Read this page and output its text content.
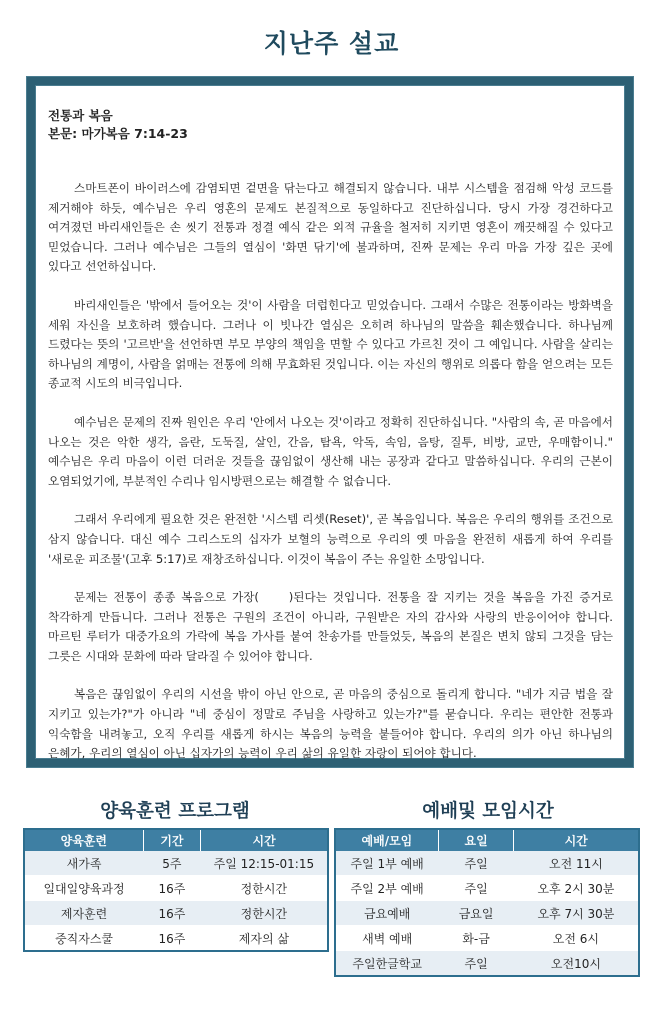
지난주 설교

전통과 복음

본문: 마가복음 7:14-23

스마트폰이 바이러스에 감염되면 겉면을 닦는다고 해결되지 않습니다. 내부 시스템을 점검해 악성 코드를 제거해야 하듯, 예수님은 우리 영혼의 문제도 본질적으로 동일하다고 진단하십니다. 당시 가장 경건하다고 여겨졌던 바리새인들은 손 씻기 전통과 정결 예식 같은 외적 규율을 철저히 지키면 영혼이 깨끗해질 수 있다고 믿었습니다. 그러나 예수님은 그들의 열심이 '화면 닦기'에 불과하며, 진짜 문제는 우리 마음 가장 깊은 곳에 있다고 선언하십니다.

바리새인들은 '밖에서 들어오는 것'이 사람을 더럽힌다고 믿었습니다. 그래서 수많은 전통이라는 방화벽을 세워 자신을 보호하려 했습니다. 그러나 이 빗나간 열심은 오히려 하나님의 말씀을 훼손했습니다. 하나님께 드렸다는 뜻의 '고르반'을 선언하면 부모 부양의 책임을 면할 수 있다고 가르친 것이 그 예입니다. 사람을 살리는 하나님의 계명이, 사람을 얽매는 전통에 의해 무효화된 것입니다. 이는 자신의 행위로 의롭다 함을 얻으려는 모든 종교적 시도의 비극입니다.

예수님은 문제의 진짜 원인은 우리 '안에서 나오는 것'이라고 정확히 진단하십니다. "사람의 속, 곧 마음에서 나오는 것은 악한 생각, 음란, 도둑질, 살인, 간음, 탐욕, 악독, 속임, 음탕, 질투, 비방, 교만, 우매함이니." 예수님은 우리 마음이 이런 더러운 것들을 끊임없이 생산해 내는 공장과 같다고 말씀하십니다. 우리의 근본이 오염되었기에, 부분적인 수리나 임시방편으로는 해결할 수 없습니다.

그래서 우리에게 필요한 것은 완전한 '시스템 리셋(Reset)', 곧 복음입니다. 복음은 우리의 행위를 조건으로 삼지 않습니다. 대신 예수 그리스도의 십자가 보혈의 능력으로 우리의 옛 마음을 완전히 새롭게 하여 우리를 '새로운 피조물'(고후 5:17)로 재창조하십니다. 이것이 복음이 주는 유일한 소망입니다.

문제는 전통이 종종 복음으로 가장(　　)된다는 것입니다. 전통을 잘 지키는 것을 복음을 가진 증거로 착각하게 만듭니다. 그러나 전통은 구원의 조건이 아니라, 구원받은 자의 감사와 사랑의 반응이어야 합니다. 마르틴 루터가 대중가요의 가락에 복음 가사를 붙여 찬송가를 만들었듯, 복음의 본질은 변치 않되 그것을 담는 그릇은 시대와 문화에 따라 달라질 수 있어야 합니다.

복음은 끊임없이 우리의 시선을 밖이 아닌 안으로, 곧 마음의 중심으로 돌리게 합니다. "네가 지금 법을 잘 지키고 있는가?"가 아니라 "네 중심이 정말로 주님을 사랑하고 있는가?"를 묻습니다. 우리는 편안한 전통과 익숙함을 내려놓고, 오직 우리를 새롭게 하시는 복음의 능력을 붙들어야 합니다. 우리의 의가 아닌 하나님의 은혜가, 우리의 열심이 아닌 십자가의 능력이 우리 삶의 유일한 자랑이 되어야 합니다.

양육훈련 프로그램	예배및 모임시간
양육훈련	기간	시간
새가족	5주	주일 12:15-01:15
일대일양육과정	16주	정한시간
제자훈련	16주	정한시간
중직자스쿨	16주	제자의 삶
예배/모임	요일	시간
주일 1부 예배	주일	오전 11시
주일 2부 예배	주일	오후 2시 30분
금요예배	금요일	오후 7시 30분
새벽 예배	화-금	오전 6시
주일한글학교	주일	오전10시
